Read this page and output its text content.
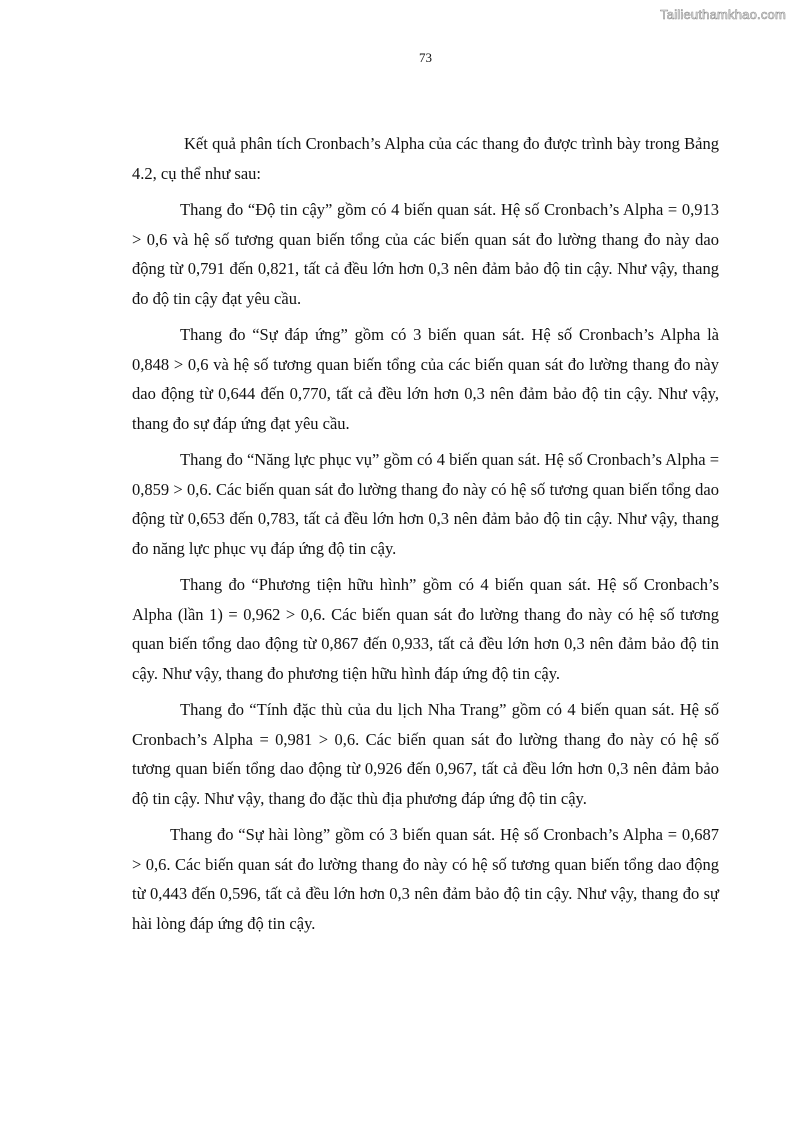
Tailieuthamkhao.com
73

Kết quả phân tích Cronbach’s Alpha của các thang đo được trình bày trong Bảng 4.2, cụ thể như sau:

Thang đo “Độ tin cậy” gồm có 4 biến quan sát. Hệ số Cronbach’s Alpha = 0,913 > 0,6 và hệ số tương quan biến tổng của các biến quan sát đo lường thang đo này dao động từ 0,791 đến 0,821, tất cả đều lớn hơn 0,3 nên đảm bảo độ tin cậy. Như vậy, thang đo độ tin cậy đạt yêu cầu.

Thang đo “Sự đáp ứng” gồm có 3 biến quan sát. Hệ số Cronbach’s Alpha là 0,848 > 0,6 và hệ số tương quan biến tổng của các biến quan sát đo lường thang đo này dao động từ 0,644 đến 0,770, tất cả đều lớn hơn 0,3 nên đảm bảo độ tin cậy. Như vậy, thang đo sự đáp ứng đạt yêu cầu.

Thang đo “Năng lực phục vụ” gồm có 4 biến quan sát. Hệ số Cronbach’s Alpha = 0,859 > 0,6. Các biến quan sát đo lường thang đo này có hệ số tương quan biến tổng dao động từ 0,653 đến 0,783, tất cả đều lớn hơn 0,3 nên đảm bảo độ tin cậy. Như vậy, thang đo năng lực phục vụ đáp ứng độ tin cậy.

Thang đo “Phương tiện hữu hình” gồm có 4 biến quan sát. Hệ số Cronbach’s Alpha (lần 1) = 0,962 > 0,6. Các biến quan sát đo lường thang đo này có hệ số tương quan biến tổng dao động từ 0,867 đến 0,933, tất cả đều lớn hơn 0,3 nên đảm bảo độ tin cậy. Như vậy, thang đo phương tiện hữu hình đáp ứng độ tin cậy.

Thang đo “Tính đặc thù của du lịch Nha Trang” gồm có 4 biến quan sát. Hệ số Cronbach’s Alpha = 0,981 > 0,6. Các biến quan sát đo lường thang đo này có hệ số tương quan biến tổng dao động từ 0,926 đến 0,967, tất cả đều lớn hơn 0,3 nên đảm bảo độ tin cậy. Như vậy, thang đo đặc thù địa phương đáp ứng độ tin cậy.

Thang đo “Sự hài lòng” gồm có 3 biến quan sát. Hệ số Cronbach’s Alpha = 0,687 > 0,6. Các biến quan sát đo lường thang đo này có hệ số tương quan biến tổng dao động từ 0,443 đến 0,596, tất cả đều lớn hơn 0,3 nên đảm bảo độ tin cậy. Như vậy, thang đo sự hài lòng đáp ứng độ tin cậy.
